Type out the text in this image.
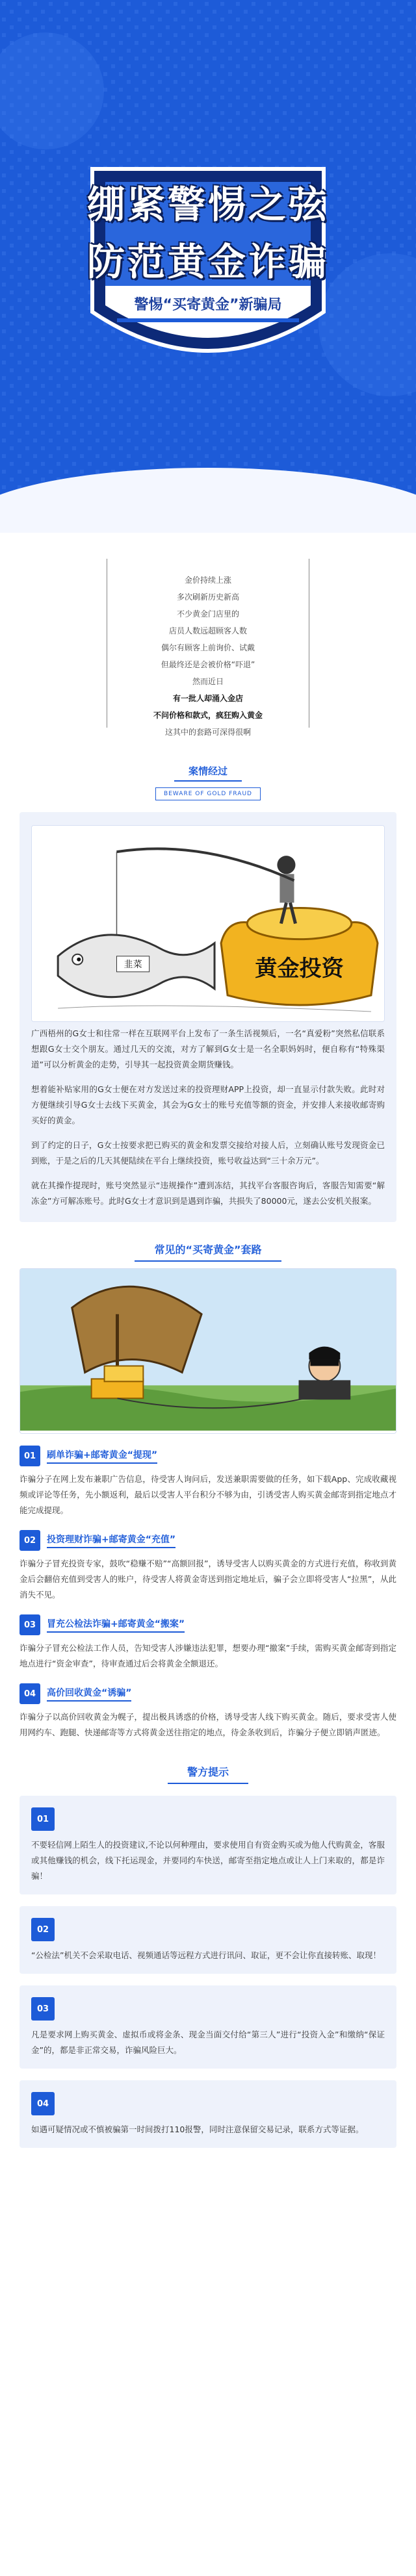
绷紧警惕之弦
防范黄金诈骗
警惕“买寄黄金”新骗局

金价持续上涨

多次刷新历史新高

不少黄金门店里的

店员人数远超顾客人数

偶尔有顾客上前询价、试戴

但最终还是会被价格“吓退”

然而近日

有一批人却涌入金店

不问价格和款式，疯狂购入黄金

这其中的套路可深得很啊

案情经过
BEWARE OF GOLD FRAUD
黄金投资
韭菜

广西梧州的G女士和往常一样在互联网平台上发布了一条生活视频后，一名“真爱粉”突然私信联系想跟G女士交个朋友。通过几天的交流，对方了解到G女士是一名全职妈妈时，便自称有“特殊渠道”可以分析黄金的走势，引导其一起投资黄金期货赚钱。

想着能补贴家用的G女士便在对方发送过来的投资理财APP上投资，却一直显示付款失败。此时对方便继续引导G女士去线下买黄金，其会为G女士的账号充值等额的资金，并安排人来接收邮寄购买好的黄金。

到了约定的日子，G女士按要求把已购买的黄金和发票交接给对接人后，立刻确认账号发现资金已到账，于是之后的几天其便陆续在平台上继续投资，账号收益达到“三十余万元”。

就在其操作提现时，账号突然显示“违规操作”遭到冻结，其找平台客服咨询后，客服告知需要“解冻金”方可解冻账号。此时G女士才意识到是遇到诈骗，共损失了80000元，遂去公安机关报案。

常见的“买寄黄金”套路
01	刷单诈骗+邮寄黄金“提现”
诈骗分子在网上发布兼职广告信息，待受害人询问后，发送兼职需要做的任务，如下载App、完成收藏视频或评论等任务，先小额返利，最后以受害人平台积分不够为由，引诱受害人购买黄金邮寄到指定地点才能完成提现。
02	投资理财诈骗+邮寄黄金“充值”
诈骗分子冒充投资专家，鼓吹“稳赚不赔”“高额回报”，诱导受害人以购买黄金的方式进行充值，称收到黄金后会翻倍充值到受害人的账户，待受害人将黄金寄送到指定地址后，骗子会立即将受害人“拉黑”，从此消失不见。
03	冒充公检法诈骗+邮寄黄金“搬案”
诈骗分子冒充公检法工作人员，告知受害人涉嫌违法犯罪，想要办理“撤案”手续，需购买黄金邮寄到指定地点进行“资金审查”，待审查通过后会将黄金全额退还。
04	高价回收黄金“诱骗”
诈骗分子以高价回收黄金为幌子，提出极具诱惑的价格，诱导受害人线下购买黄金。随后，要求受害人使用网约车、跑腿、快递邮寄等方式将黄金送往指定的地点，待金条收到后，诈骗分子便立即销声匿迹。
警方提示
01
不要轻信网上陌生人的投资建议,不论以何种理由，要求使用自有资金购买或为他人代购黄金，客服或其他赚钱的机会，线下托运现金，并要同约车快送，邮寄至指定地点或让人上门来取的，都是诈骗！
02
“公检法”机关不会采取电话、视频通话等远程方式进行讯问、取证，更不会让你直接转账、取现！
03
凡是要求网上购买黄金、虚拟币或将金条、现金当面交付给“第三人”进行“投资入金”和缴纳“保证金”的，都是非正常交易，诈骗风险巨大。
04
如遇可疑情况或不慎被骗第一时间拨打110报警，同时注意保留交易记录，联系方式等证据。
